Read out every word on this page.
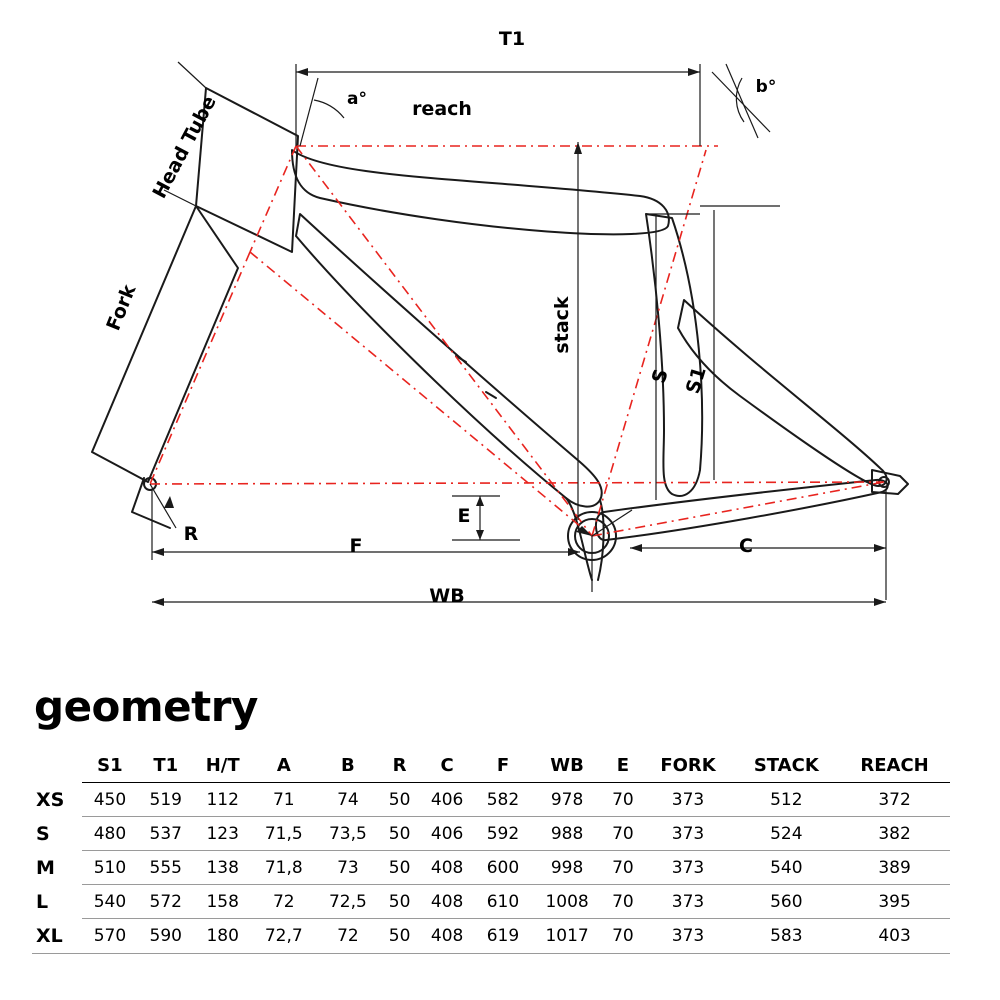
T1
reach
a°
b°
Head Tube
Fork	stack
S S1
R
E
F	C
WB
geometry
	S1	T1	H/T	A	B	R	C	F	WB	E	FORK	STACK	REACH
XS	450	519	112	71	74	50	406	582	978	70	373	512	372
S	480	537	123	71,5	73,5	50	406	592	988	70	373	524	382
M	510	555	138	71,8	73	50	408	600	998	70	373	540	389
L	540	572	158	72	72,5	50	408	610	1008	70	373	560	395
XL	570	590	180	72,7	72	50	408	619	1017	70	373	583	403
